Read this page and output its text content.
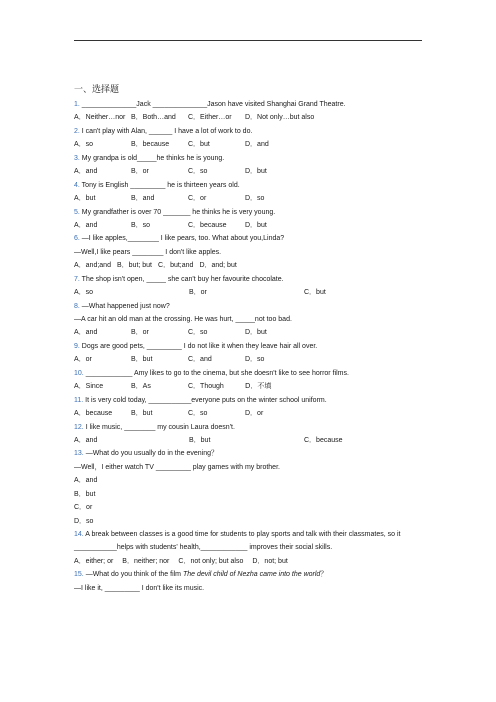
一、选择题
1. ______________Jack ______________Jason have visited Shanghai Grand Theatre.
A．Neither…nor B．Both…and	C．Either…or	D．Not only…but also
2. I can't play with Alan, ______ I have a lot of work to do.
A．so	B．because	C．but	D．and
3. My grandpa is old_____he thinks he is young.
A．and	B．or	C．so	D．but
4. Tony is English _________ he is thirteen years old.
A．but	B．and	C．or	D．so
5. My grandfather is over 70 _______ he thinks he is very young.
A．and	B．so	C．because	D．but
6. —I like apples,________ I like pears, too. What about you,Linda?
—Well,I like pears ________ I don't like apples.
A．and;and B．but; but C．but;and D．and; but
7. The shop isn't open, _____ she can't buy her favourite chocolate.
A．so	B．or	C．but
8. —What happened just now?
—A car hit an old man at the crossing. He was hurt, _____not too bad.
A．and	B．or	C．so	D．but
9. Dogs are good pets, _________ I do not like it when they leave hair all over.
A．or	B．but	C．and	D．so
10. ____________ Amy likes to go to the cinema, but she doesn't like to see horror films.
A．Since	B．As	C．Though	D．不填
11. It is very cold today, ___________everyone puts on the winter school uniform.
A．because	B．but	C．so	D．or
12. I like music, ________ my cousin Laura doesn't.
A．and	B．but	C．because
13. —What do you usually do in the evening？
—Well，I either watch TV _________ play games with my brother.
A．and
B．but
C．or
D．so
14. A break between classes is a good time for students to play sports and talk with their classmates, so it ___________helps with students' health,____________ improves their social skills.
A．either; or B．neither; nor C．not only; but also D．not; but
15. —What do you think of the film The devil child of Nezha came into the world？
—I like it, _________ I don't like its music.
